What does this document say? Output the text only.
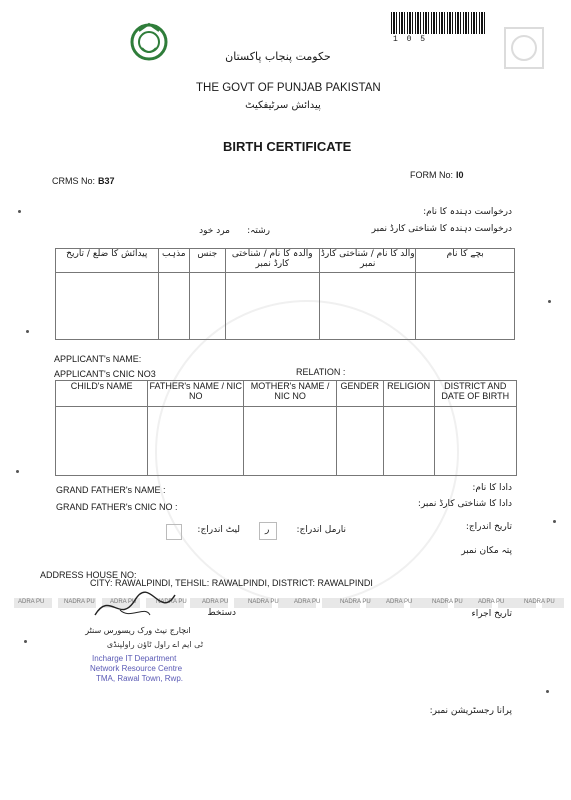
1 0 5
حکومت پنجاب پاکستان
THE GOVT OF PUNJAB PAKISTAN
پیدائش سرٹیفکیٹ
BIRTH CERTIFICATE
CRMS No: B37
FORM No: I0
درخواست دہندہ کا نام:
درخواست دہندہ کا شناختی کارڈ نمبر
رشتہ:
مرد خود
پیدائش کا ضلع / تاریخ	مذہب	جنس	والدہ کا نام / شناختی کارڈ نمبر	والد کا نام / شناختی کارڈ نمبر	بچے کا نام

APPLICANT's NAME:
APPLICANT's CNIC NO3	RELATION :
CHILD's NAME	FATHER's NAME / NIC NO	MOTHER's NAME / NIC NO	GENDER	RELIGION	DISTRICT AND DATE OF BIRTH

GRAND FATHER's NAME :
GRAND FATHER's CNIC NO :
دادا کا نام:
دادا کا شناختی کارڈ نمبر:
تاریخ اندراج:
نارمل اندراج:
ر
لیٹ اندراج:
پتہ مکان نمبر
ADDRESS HOUSE NO:
CITY: RAWALPINDI, TEHSIL: RAWALPINDI, DISTRICT: RAWALPINDI
ADRA PU	NADRA PU	ADRA PU	NADRA PU	ADRA PU	NADRA PU	ADRA PU	NADRA PU	ADRA PU	NADRA PU	ADRA PU	NADRA PU
تاریخ اجراء
دستخط
انچارج نیٹ ورک ریسورس سنٹر
ٹی ایم اے راول ٹاؤن راولپنڈی
Incharge IT Department
Network Resource Centre
TMA, Rawal Town, Rwp.
پرانا رجسٹریشن نمبر:
